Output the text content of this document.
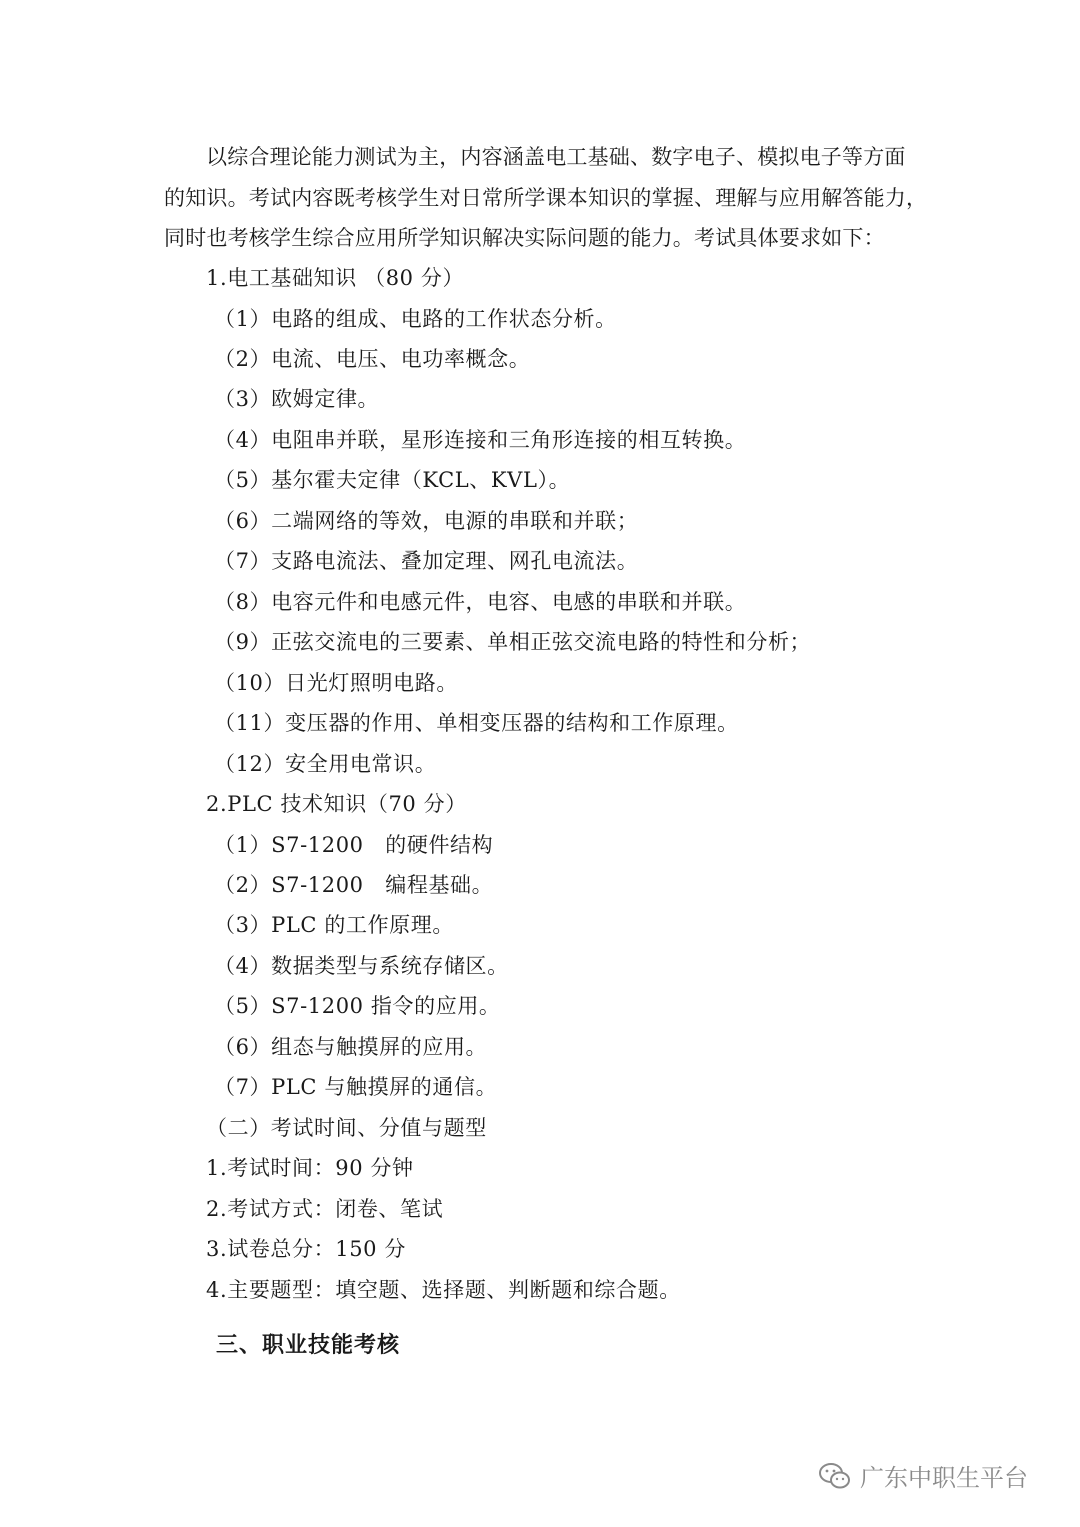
以综合理论能力测试为主，内容涵盖电工基础、数字电子、模拟电子等方面
的知识。考试内容既考核学生对日常所学课本知识的掌握、理解与应用解答能力，
同时也考核学生综合应用所学知识解决实际问题的能力。考试具体要求如下：
1.电工基础知识 （80 分）
（1）电路的组成、电路的工作状态分析。
（2）电流、电压、电功率概念。
（3）欧姆定律。
（4）电阻串并联，星形连接和三角形连接的相互转换。
（5）基尔霍夫定律（KCL、KVL）。
（6）二端网络的等效，电源的串联和并联；
（7）支路电流法、叠加定理、网孔电流法。
（8）电容元件和电感元件，电容、电感的串联和并联。
（9）正弦交流电的三要素、单相正弦交流电路的特性和分析；
（10）日光灯照明电路。
（11）变压器的作用、单相变压器的结构和工作原理。
（12）安全用电常识。
2.PLC 技术知识（70 分）
（1）S7-1200　的硬件结构
（2）S7-1200　编程基础。
（3）PLC 的工作原理。
（4）数据类型与系统存储区。
（5）S7-1200 指令的应用。
（6）组态与触摸屏的应用。
（7）PLC 与触摸屏的通信。
（二）考试时间、分值与题型
1.考试时间：90 分钟
2.考试方式：闭卷、笔试
3.试卷总分：150 分
4.主要题型：填空题、选择题、判断题和综合题。
三、职业技能考核
广东中职生平台
